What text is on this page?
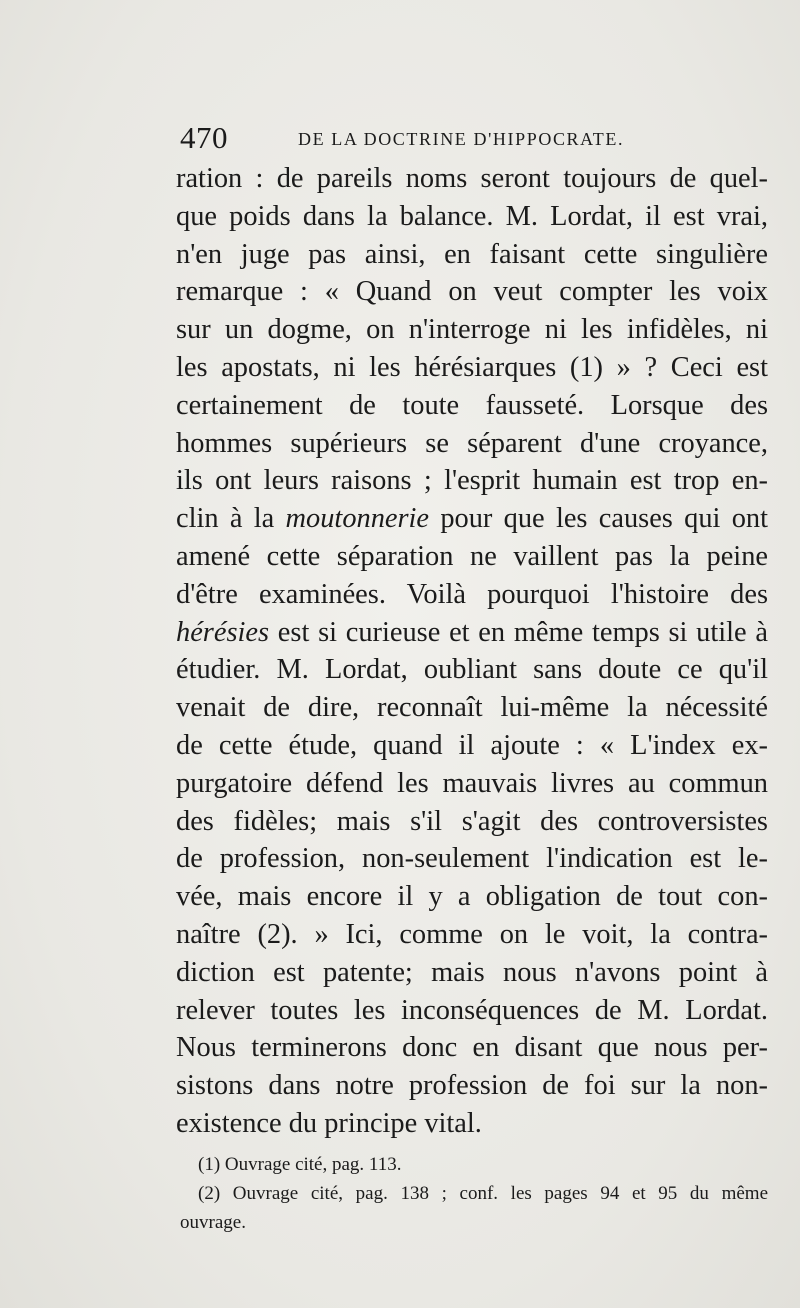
470	DE LA DOCTRINE D'HIPPOCRATE.
ration : de pareils noms seront toujours de quel-
que poids dans la balance. M. Lordat, il est vrai,
n'en juge pas ainsi, en faisant cette singulière
remarque : « Quand on veut compter les voix
sur un dogme, on n'interroge ni les infidèles, ni
les apostats, ni les hérésiarques (1) » ? Ceci est
certainement de toute fausseté. Lorsque des
hommes supérieurs se séparent d'une croyance,
ils ont leurs raisons ; l'esprit humain est trop en-
clin à la moutonnerie pour que les causes qui ont
amené cette séparation ne vaillent pas la peine
d'être examinées. Voilà pourquoi l'histoire des
hérésies est si curieuse et en même temps si utile à
étudier. M. Lordat, oubliant sans doute ce qu'il
venait de dire, reconnaît lui-même la nécessité
de cette étude, quand il ajoute : « L'index ex-
purgatoire défend les mauvais livres au commun
des fidèles; mais s'il s'agit des controversistes
de profession, non-seulement l'indication est le-
vée, mais encore il y a obligation de tout con-
naître (2). » Ici, comme on le voit, la contra-
diction est patente; mais nous n'avons point à
relever toutes les inconséquences de M. Lordat.
Nous terminerons donc en disant que nous per-
sistons dans notre profession de foi sur la non-
existence du principe vital.
(1) Ouvrage cité, pag. 113.
(2) Ouvrage cité, pag. 138 ; conf. les pages 94 et 95 du même
ouvrage.
